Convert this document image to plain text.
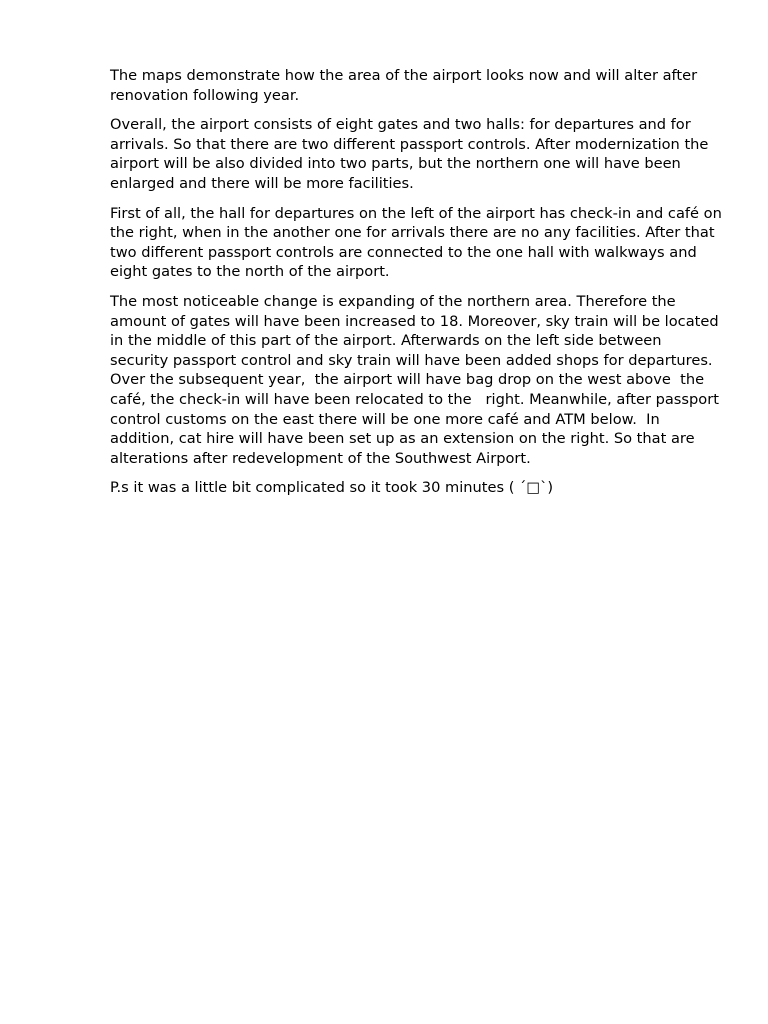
The maps demonstrate how the area of the airport looks now and will alter after renovation following year.

Overall, the airport consists of eight gates and two halls: for departures and for arrivals. So that there are two different passport controls. After modernization the airport will be also divided into two parts, but the northern one will have been enlarged and there will be more facilities.

First of all, the hall for departures on the left of the airport has check-in and café on the right, when in the another one for arrivals there are no any facilities. After that two different passport controls are connected to the one hall with walkways and eight gates to the north of the airport.

The most noticeable change is expanding of the northern area. Therefore the amount of gates will have been increased to 18. Moreover, sky train will be located in the middle of this part of the airport. Afterwards on the left side between security passport control and sky train will have been added shops for departures. Over the subsequent year,  the airport will have bag drop on the west above  the café, the check-in will have been relocated to the   right. Meanwhile, after passport control customs on the east there will be one more café and ATM below.  In addition, cat hire will have been set up as an extension on the right. So that are alterations after redevelopment of the Southwest Airport.

P.s it was a little bit complicated so it took 30 minutes ( ´□`)
